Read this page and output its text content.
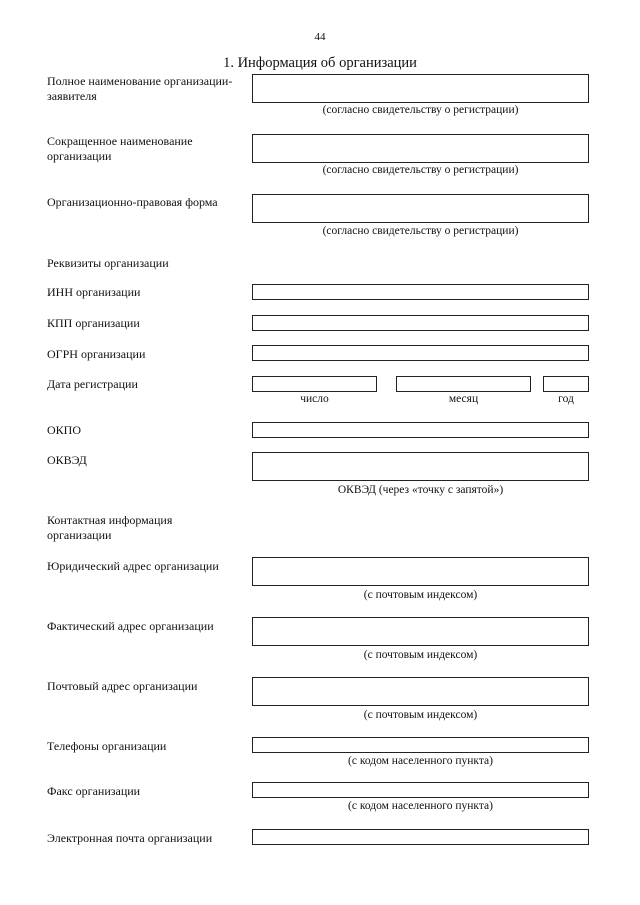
44
1. Информация об организации
Полное наименование организации-заявителя
(согласно свидетельству о регистрации)
Сокращенное наименование организации
(согласно свидетельству о регистрации)
Организационно-правовая форма
(согласно свидетельству о регистрации)
Реквизиты организации
ИНН организации
КПП организации
ОГРН организации
Дата регистрации
число	месяц	год
ОКПО
ОКВЭД
ОКВЭД (через «точку с запятой»)
Контактная информация организации
Юридический адрес организации
(с почтовым индексом)
Фактический адрес организации
(с почтовым индексом)
Почтовый адрес организации
(с почтовым индексом)
Телефоны организации
(с кодом населенного пункта)
Факс организации
(с кодом населенного пункта)
Электронная почта организации
